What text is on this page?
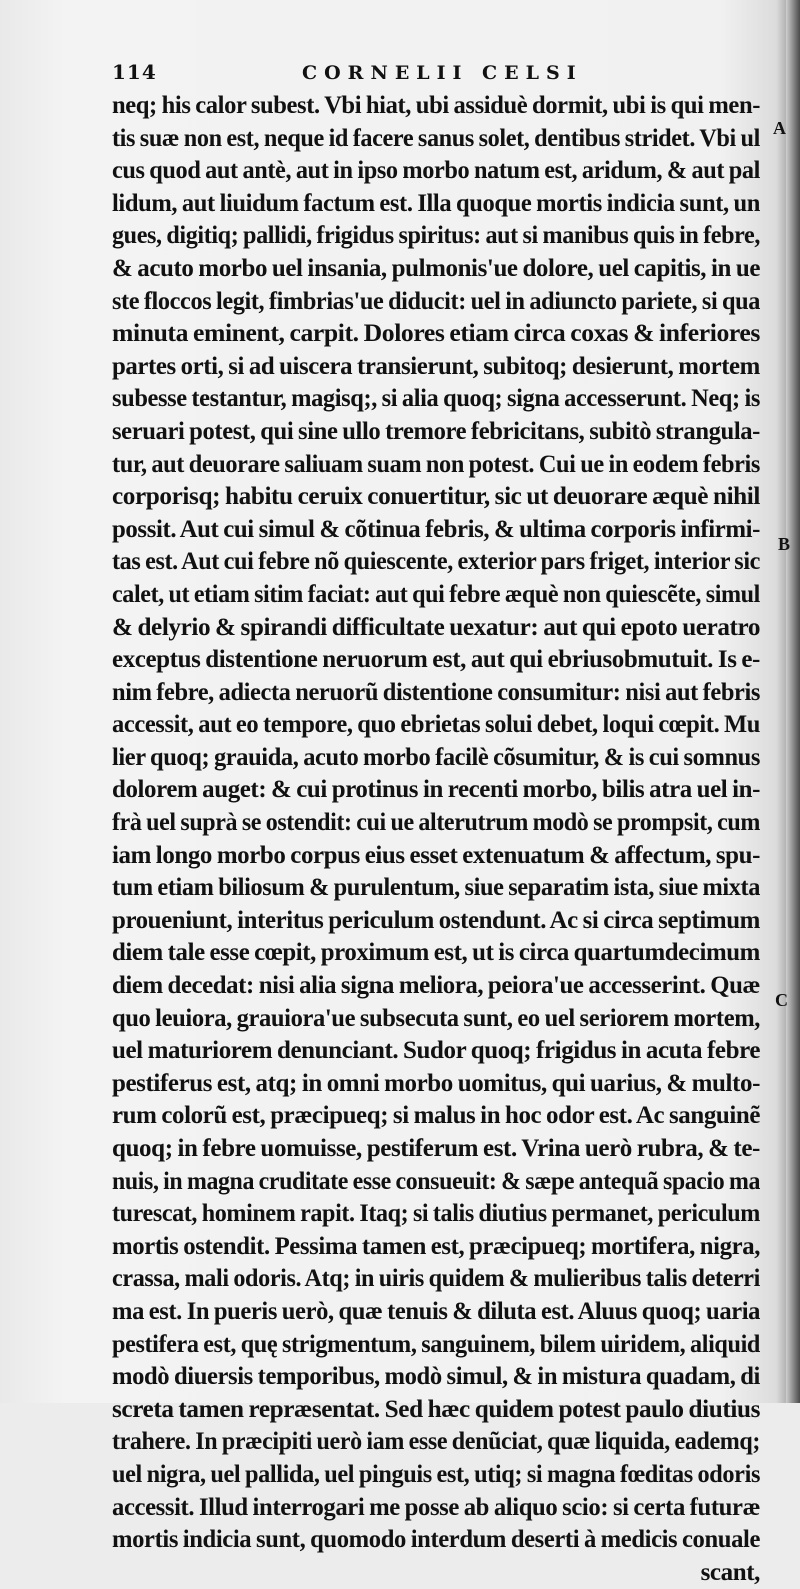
114	CORNELII CELSI
neq; his calor subest. Vbi hiat, ubi assiduè dormit, ubi is qui men-
tis suæ non est, neque id facere sanus solet, dentibus stridet. Vbi ul
cus quod aut antè, aut in ipso morbo natum est, aridum, & aut pal
lidum, aut liuidum factum est. Illa quoque mortis indicia sunt, un
gues, digitiq; pallidi, frigidus spiritus: aut si manibus quis in febre,
& acuto morbo uel insania, pulmonis'ue dolore, uel capitis, in ue
ste floccos legit, fimbrias'ue diducit: uel in adiuncto pariete, si qua
minuta eminent, carpit. Dolores etiam circa coxas & inferiores
partes orti, si ad uiscera transierunt, subitoq; desierunt, mortem
subesse testantur, magisq;, si alia quoq; signa accesserunt. Neq; is
seruari potest, qui sine ullo tremore febricitans, subitò strangula-
tur, aut deuorare saliuam suam non potest. Cui ue in eodem febris
corporisq; habitu ceruix conuertitur, sic ut deuorare æquè nihil
possit. Aut cui simul & cõtinua febris, & ultima corporis infirmi-
tas est. Aut cui febre nõ quiescente, exterior pars friget, interior sic
calet, ut etiam sitim faciat: aut qui febre æquè non quiescẽte, simul
& delyrio & spirandi difficultate uexatur: aut qui epoto ueratro
exceptus distentione neruorum est, aut qui ebriusobmutuit. Is e-
nim febre, adiecta neruorũ distentione consumitur: nisi aut febris
accessit, aut eo tempore, quo ebrietas solui debet, loqui cœpit. Mu
lier quoq; grauida, acuto morbo facilè cõsumitur, & is cui somnus
dolorem auget: & cui protinus in recenti morbo, bilis atra uel in-
frà uel suprà se ostendit: cui ue alterutrum modò se prompsit, cum
iam longo morbo corpus eius esset extenuatum & affectum, spu-
tum etiam biliosum & purulentum, siue separatim ista, siue mixta
proueniunt, interitus periculum ostendunt. Ac si circa septimum
diem tale esse cœpit, proximum est, ut is circa quartumdecimum
diem decedat: nisi alia signa meliora, peiora'ue accesserint. Quæ
quo leuiora, grauiora'ue subsecuta sunt, eo uel seriorem mortem,
uel maturiorem denunciant. Sudor quoq; frigidus in acuta febre
pestiferus est, atq; in omni morbo uomitus, qui uarius, & multo-
rum colorũ est, præcipueq; si malus in hoc odor est. Ac sanguinẽ
quoq; in febre uomuisse, pestiferum est. Vrina uerò rubra, & te-
nuis, in magna cruditate esse consueuit: & sæpe antequã spacio ma
turescat, hominem rapit. Itaq; si talis diutius permanet, periculum
mortis ostendit. Pessima tamen est, præcipueq; mortifera, nigra,
crassa, mali odoris. Atq; in uiris quidem & mulieribus talis deterri
ma est. In pueris uerò, quæ tenuis & diluta est. Aluus quoq; uaria
pestifera est, quę strigmentum, sanguinem, bilem uiridem, aliquid
modò diuersis temporibus, modò simul, & in mistura quadam, di
screta tamen repræsentat. Sed hæc quidem potest paulo diutius
trahere. In præcipiti uerò iam esse denũciat, quæ liquida, eademq;
uel nigra, uel pallida, uel pinguis est, utiq; si magna fœditas odoris
accessit. Illud interrogari me posse ab aliquo scio: si certa futuræ
mortis indicia sunt, quomodo interdum deserti à medicis conuale
scant,
A
B
C
